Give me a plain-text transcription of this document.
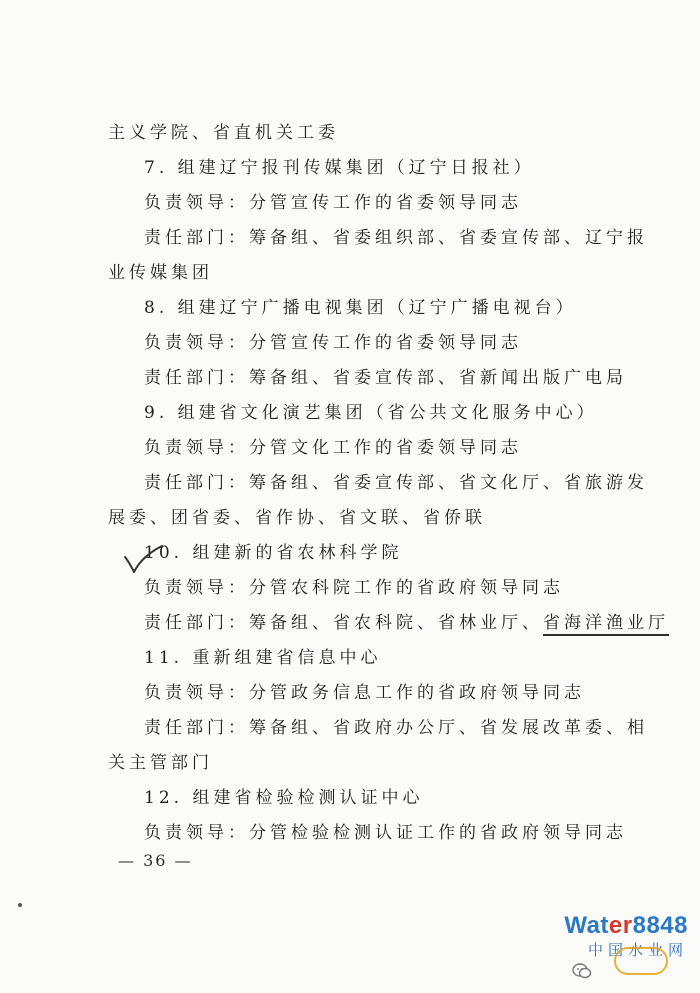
主义学院、省直机关工委
7. 组建辽宁报刊传媒集团（辽宁日报社）
负责领导：分管宣传工作的省委领导同志
责任部门：筹备组、省委组织部、省委宣传部、辽宁报
业传媒集团
8. 组建辽宁广播电视集团（辽宁广播电视台）
负责领导：分管宣传工作的省委领导同志
责任部门：筹备组、省委宣传部、省新闻出版广电局
9. 组建省文化演艺集团（省公共文化服务中心）
负责领导：分管文化工作的省委领导同志
责任部门：筹备组、省委宣传部、省文化厅、省旅游发
展委、团省委、省作协、省文联、省侨联
10. 组建新的省农林科学院
负责领导：分管农科院工作的省政府领导同志
责任部门：筹备组、省农科院、省林业厅、省海洋渔业厅
11. 重新组建省信息中心
负责领导：分管政务信息工作的省政府领导同志
责任部门：筹备组、省政府办公厅、省发展改革委、相
关主管部门
12. 组建省检验检测认证中心
负责领导：分管检验检测认证工作的省政府领导同志
— 36 —
Water8848
中国水业网
